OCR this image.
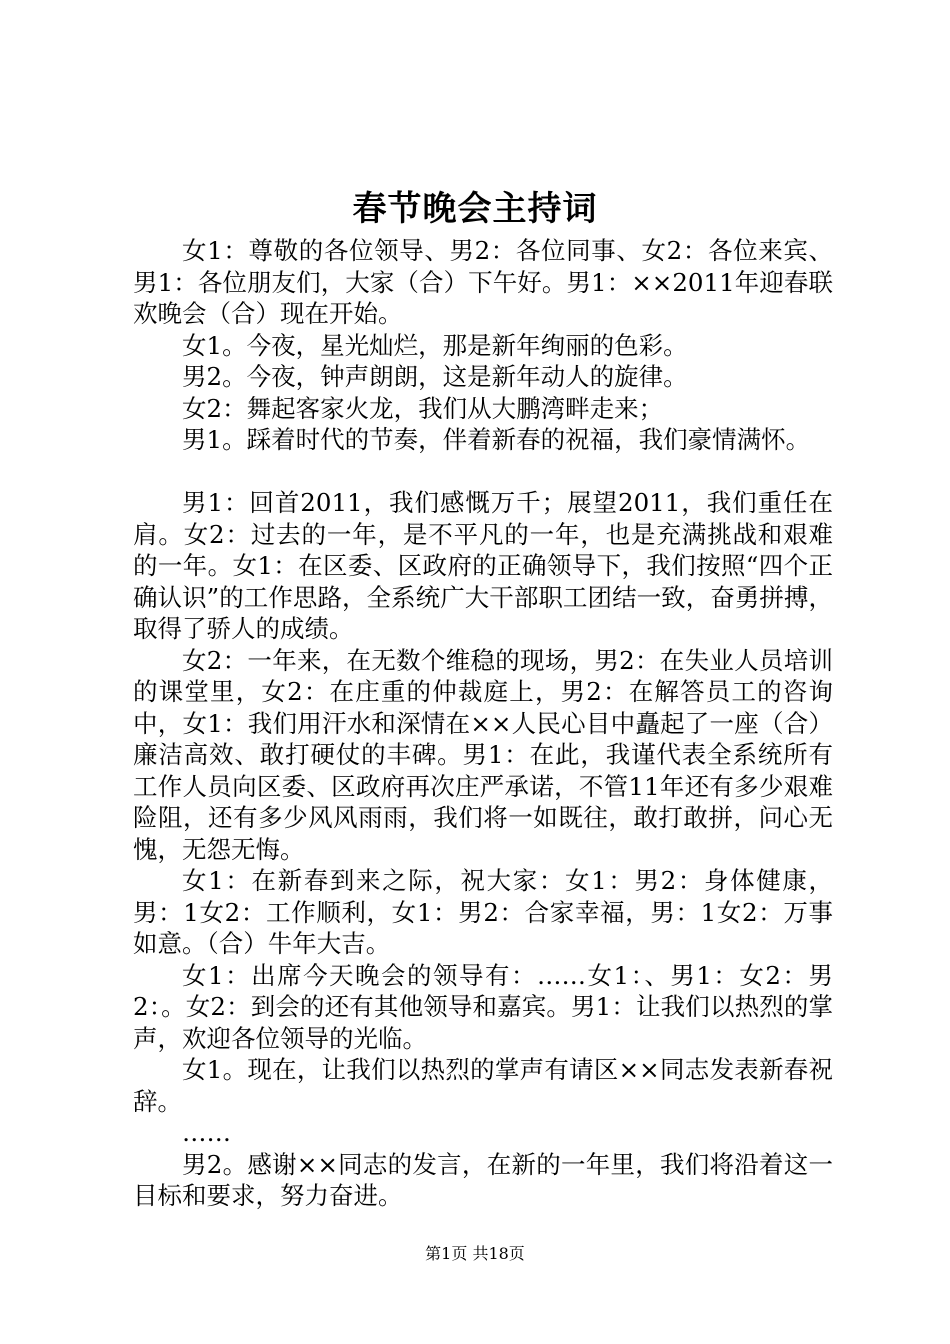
春节晚会主持词

女1：尊敬的各位领导、男2：各位同事、女2：各位来宾、男1：各位朋友们，大家（合）下午好。男1：××2011年迎春联欢晚会（合）现在开始。

女1。今夜，星光灿烂，那是新年绚丽的色彩。

男2。今夜，钟声朗朗，这是新年动人的旋律。

女2：舞起客家火龙，我们从大鹏湾畔走来；

男1。踩着时代的节奏，伴着新春的祝福，我们豪情满怀。

男1：回首2011，我们感慨万千；展望2011，我们重任在肩。女2：过去的一年，是不平凡的一年，也是充满挑战和艰难的一年。女1：在区委、区政府的正确领导下，我们按照“四个正确认识”的工作思路，全系统广大干部职工团结一致，奋勇拼搏，取得了骄人的成绩。

女2：一年来，在无数个维稳的现场，男2：在失业人员培训的课堂里，女2：在庄重的仲裁庭上，男2：在解答员工的咨询中，女1：我们用汗水和深情在××人民心目中矗起了一座（合）廉洁高效、敢打硬仗的丰碑。男1：在此，我谨代表全系统所有工作人员向区委、区政府再次庄严承诺，不管11年还有多少艰难险阻，还有多少风风雨雨，我们将一如既往，敢打敢拼，问心无愧，无怨无悔。

女1：在新春到来之际，祝大家：女1：男2：身体健康，男：1女2：工作顺利，女1：男2：合家幸福，男：1女2：万事如意。（合）牛年大吉。

女1：出席今天晚会的领导有：……女1：、男1：女2：男2：。女2：到会的还有其他领导和嘉宾。男1：让我们以热烈的掌声，欢迎各位领导的光临。

女1。现在，让我们以热烈的掌声有请区××同志发表新春祝辞。

……

男2。感谢××同志的发言，在新的一年里，我们将沿着这一目标和要求，努力奋进。

第1页 共18页
